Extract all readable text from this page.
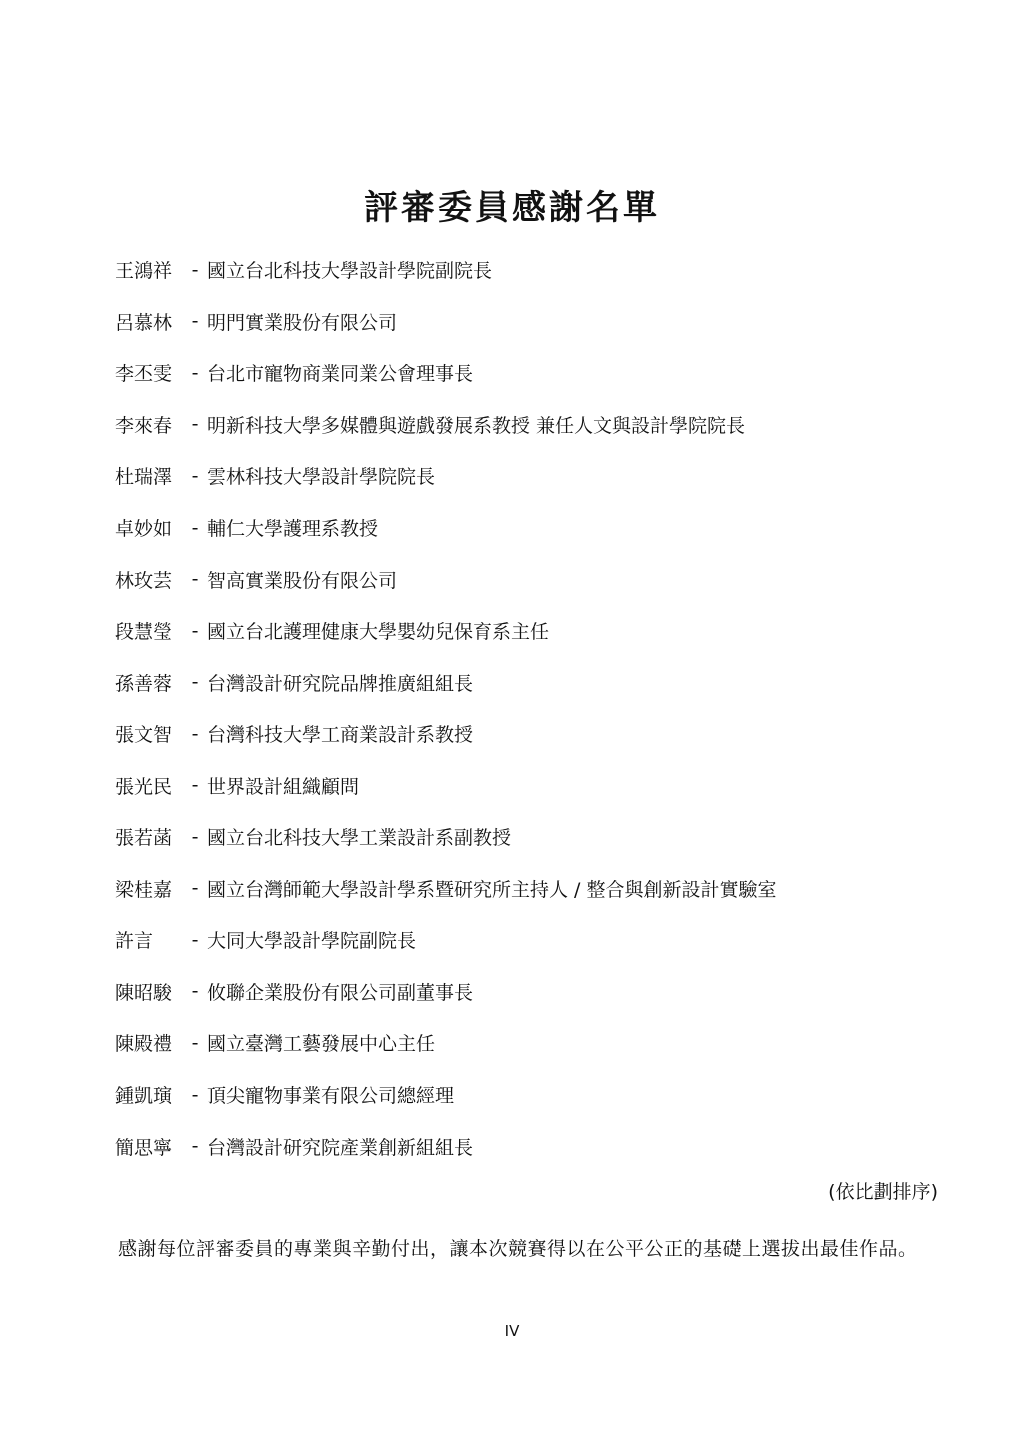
評審委員感謝名單
王鴻祥	- 國立台北科技大學設計學院副院長
呂慕林	- 明門實業股份有限公司
李丕雯	- 台北市寵物商業同業公會理事長
李來春	- 明新科技大學多媒體與遊戲發展系教授 兼任人文與設計學院院長
杜瑞澤	- 雲林科技大學設計學院院長
卓妙如	- 輔仁大學護理系教授
林玫芸	- 智高實業股份有限公司
段慧瑩	- 國立台北護理健康大學嬰幼兒保育系主任
孫善蓉	- 台灣設計研究院品牌推廣組組長
張文智	- 台灣科技大學工商業設計系教授
張光民	- 世界設計組織顧問
張若菡	- 國立台北科技大學工業設計系副教授
梁桂嘉	- 國立台灣師範大學設計學系暨研究所主持人 / 整合與創新設計實驗室
許言	- 大同大學設計學院副院長
陳昭駿	- 攸聯企業股份有限公司副董事長
陳殿禮	- 國立臺灣工藝發展中心主任
鍾凱璌	- 頂尖寵物事業有限公司總經理
簡思寧	- 台灣設計研究院產業創新組組長
(依比劃排序)

感謝每位評審委員的專業與辛勤付出，讓本次競賽得以在公平公正的基礎上選拔出最佳作品。

IV
